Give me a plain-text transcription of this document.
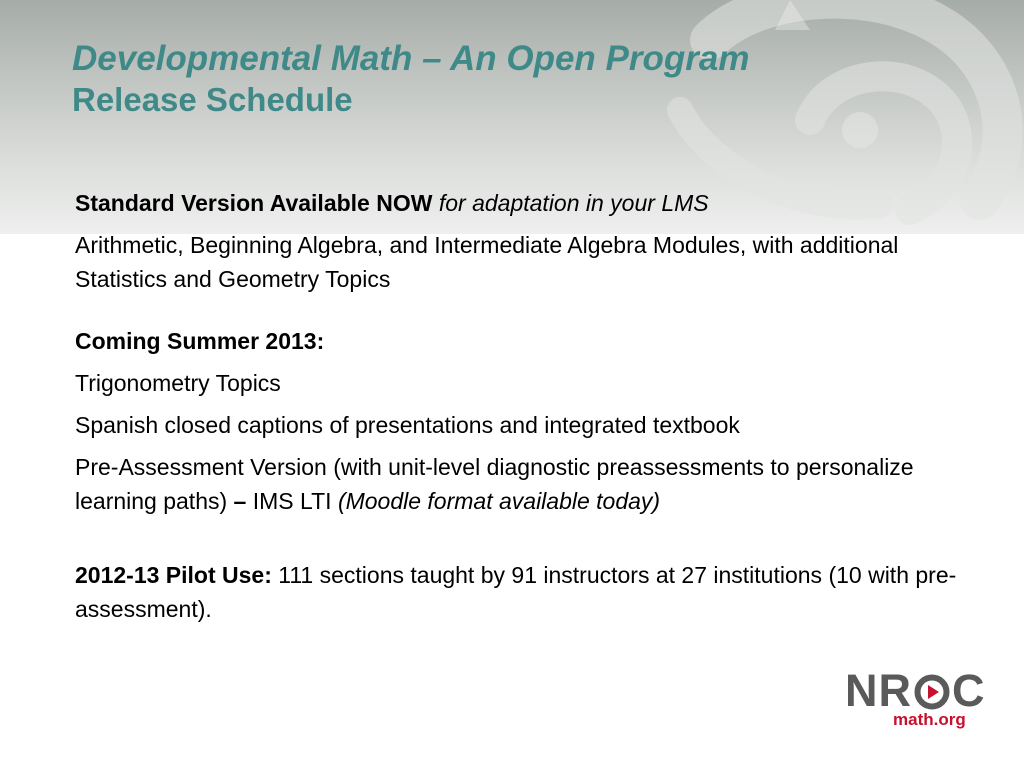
Developmental Math – An Open Program
Release Schedule

Standard Version Available NOW for adaptation in your LMS

Arithmetic, Beginning Algebra, and Intermediate Algebra Modules, with additional Statistics and Geometry Topics

Coming Summer 2013:

Trigonometry Topics

Spanish closed captions of presentations and integrated textbook

Pre-Assessment Version (with unit-level diagnostic preassessments to personalize learning paths) – IMS LTI (Moodle format available today)

2012-13 Pilot Use: 111 sections taught by 91 instructors at 27 institutions (10 with pre-assessment).

NR C
math.org
